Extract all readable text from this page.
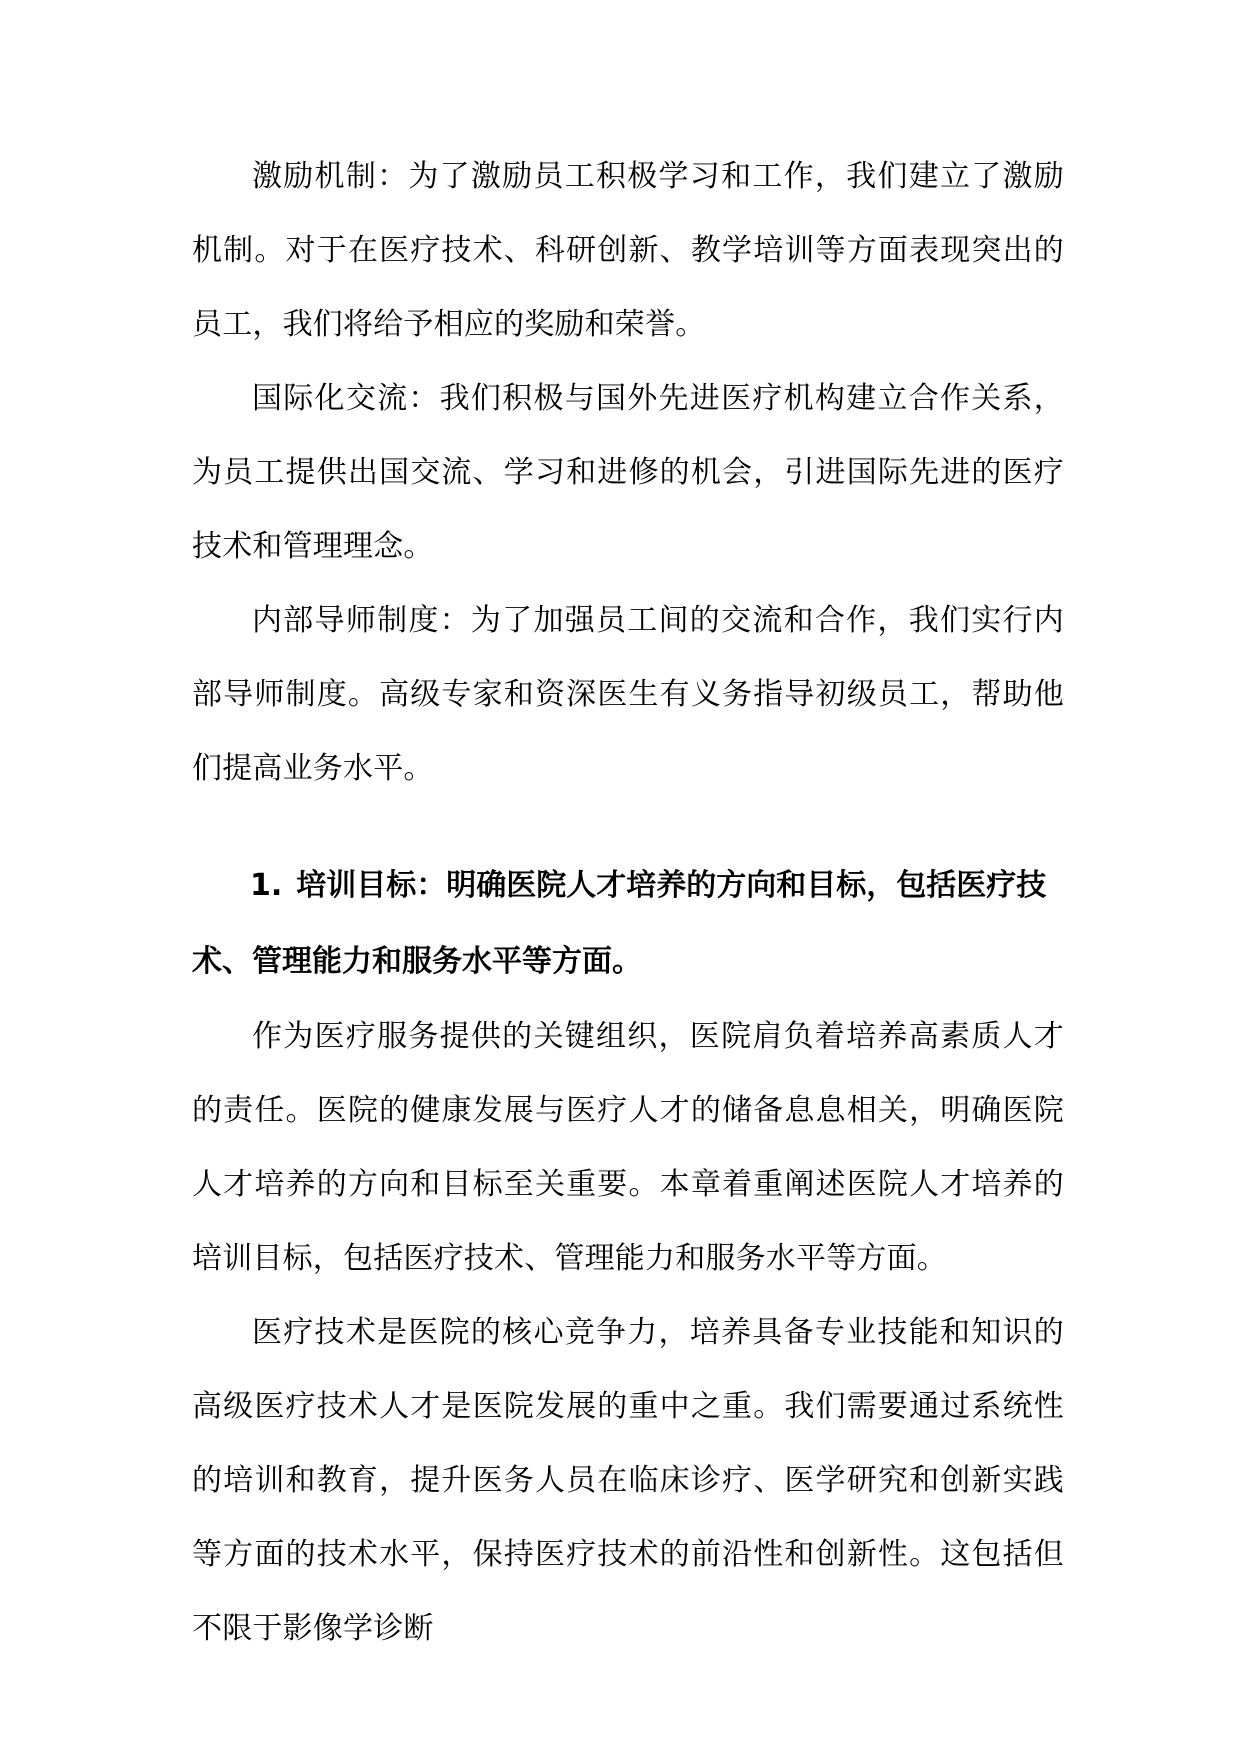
激励机制：为了激励员工积极学习和工作，我们建立了激励机制。对于在医疗技术、科研创新、教学培训等方面表现突出的员工，我们将给予相应的奖励和荣誉。

国际化交流：我们积极与国外先进医疗机构建立合作关系，为员工提供出国交流、学习和进修的机会，引进国际先进的医疗技术和管理理念。

内部导师制度：为了加强员工间的交流和合作，我们实行内部导师制度。高级专家和资深医生有义务指导初级员工，帮助他们提高业务水平。

1. 培训目标：明确医院人才培养的方向和目标，包括医疗技术、管理能力和服务水平等方面。

作为医疗服务提供的关键组织，医院肩负着培养高素质人才的责任。医院的健康发展与医疗人才的储备息息相关，明确医院人才培养的方向和目标至关重要。本章着重阐述医院人才培养的培训目标，包括医疗技术、管理能力和服务水平等方面。

医疗技术是医院的核心竞争力，培养具备专业技能和知识的高级医疗技术人才是医院发展的重中之重。我们需要通过系统性的培训和教育，提升医务人员在临床诊疗、医学研究和创新实践等方面的技术水平，保持医疗技术的前沿性和创新性。这包括但不限于影像学诊断
